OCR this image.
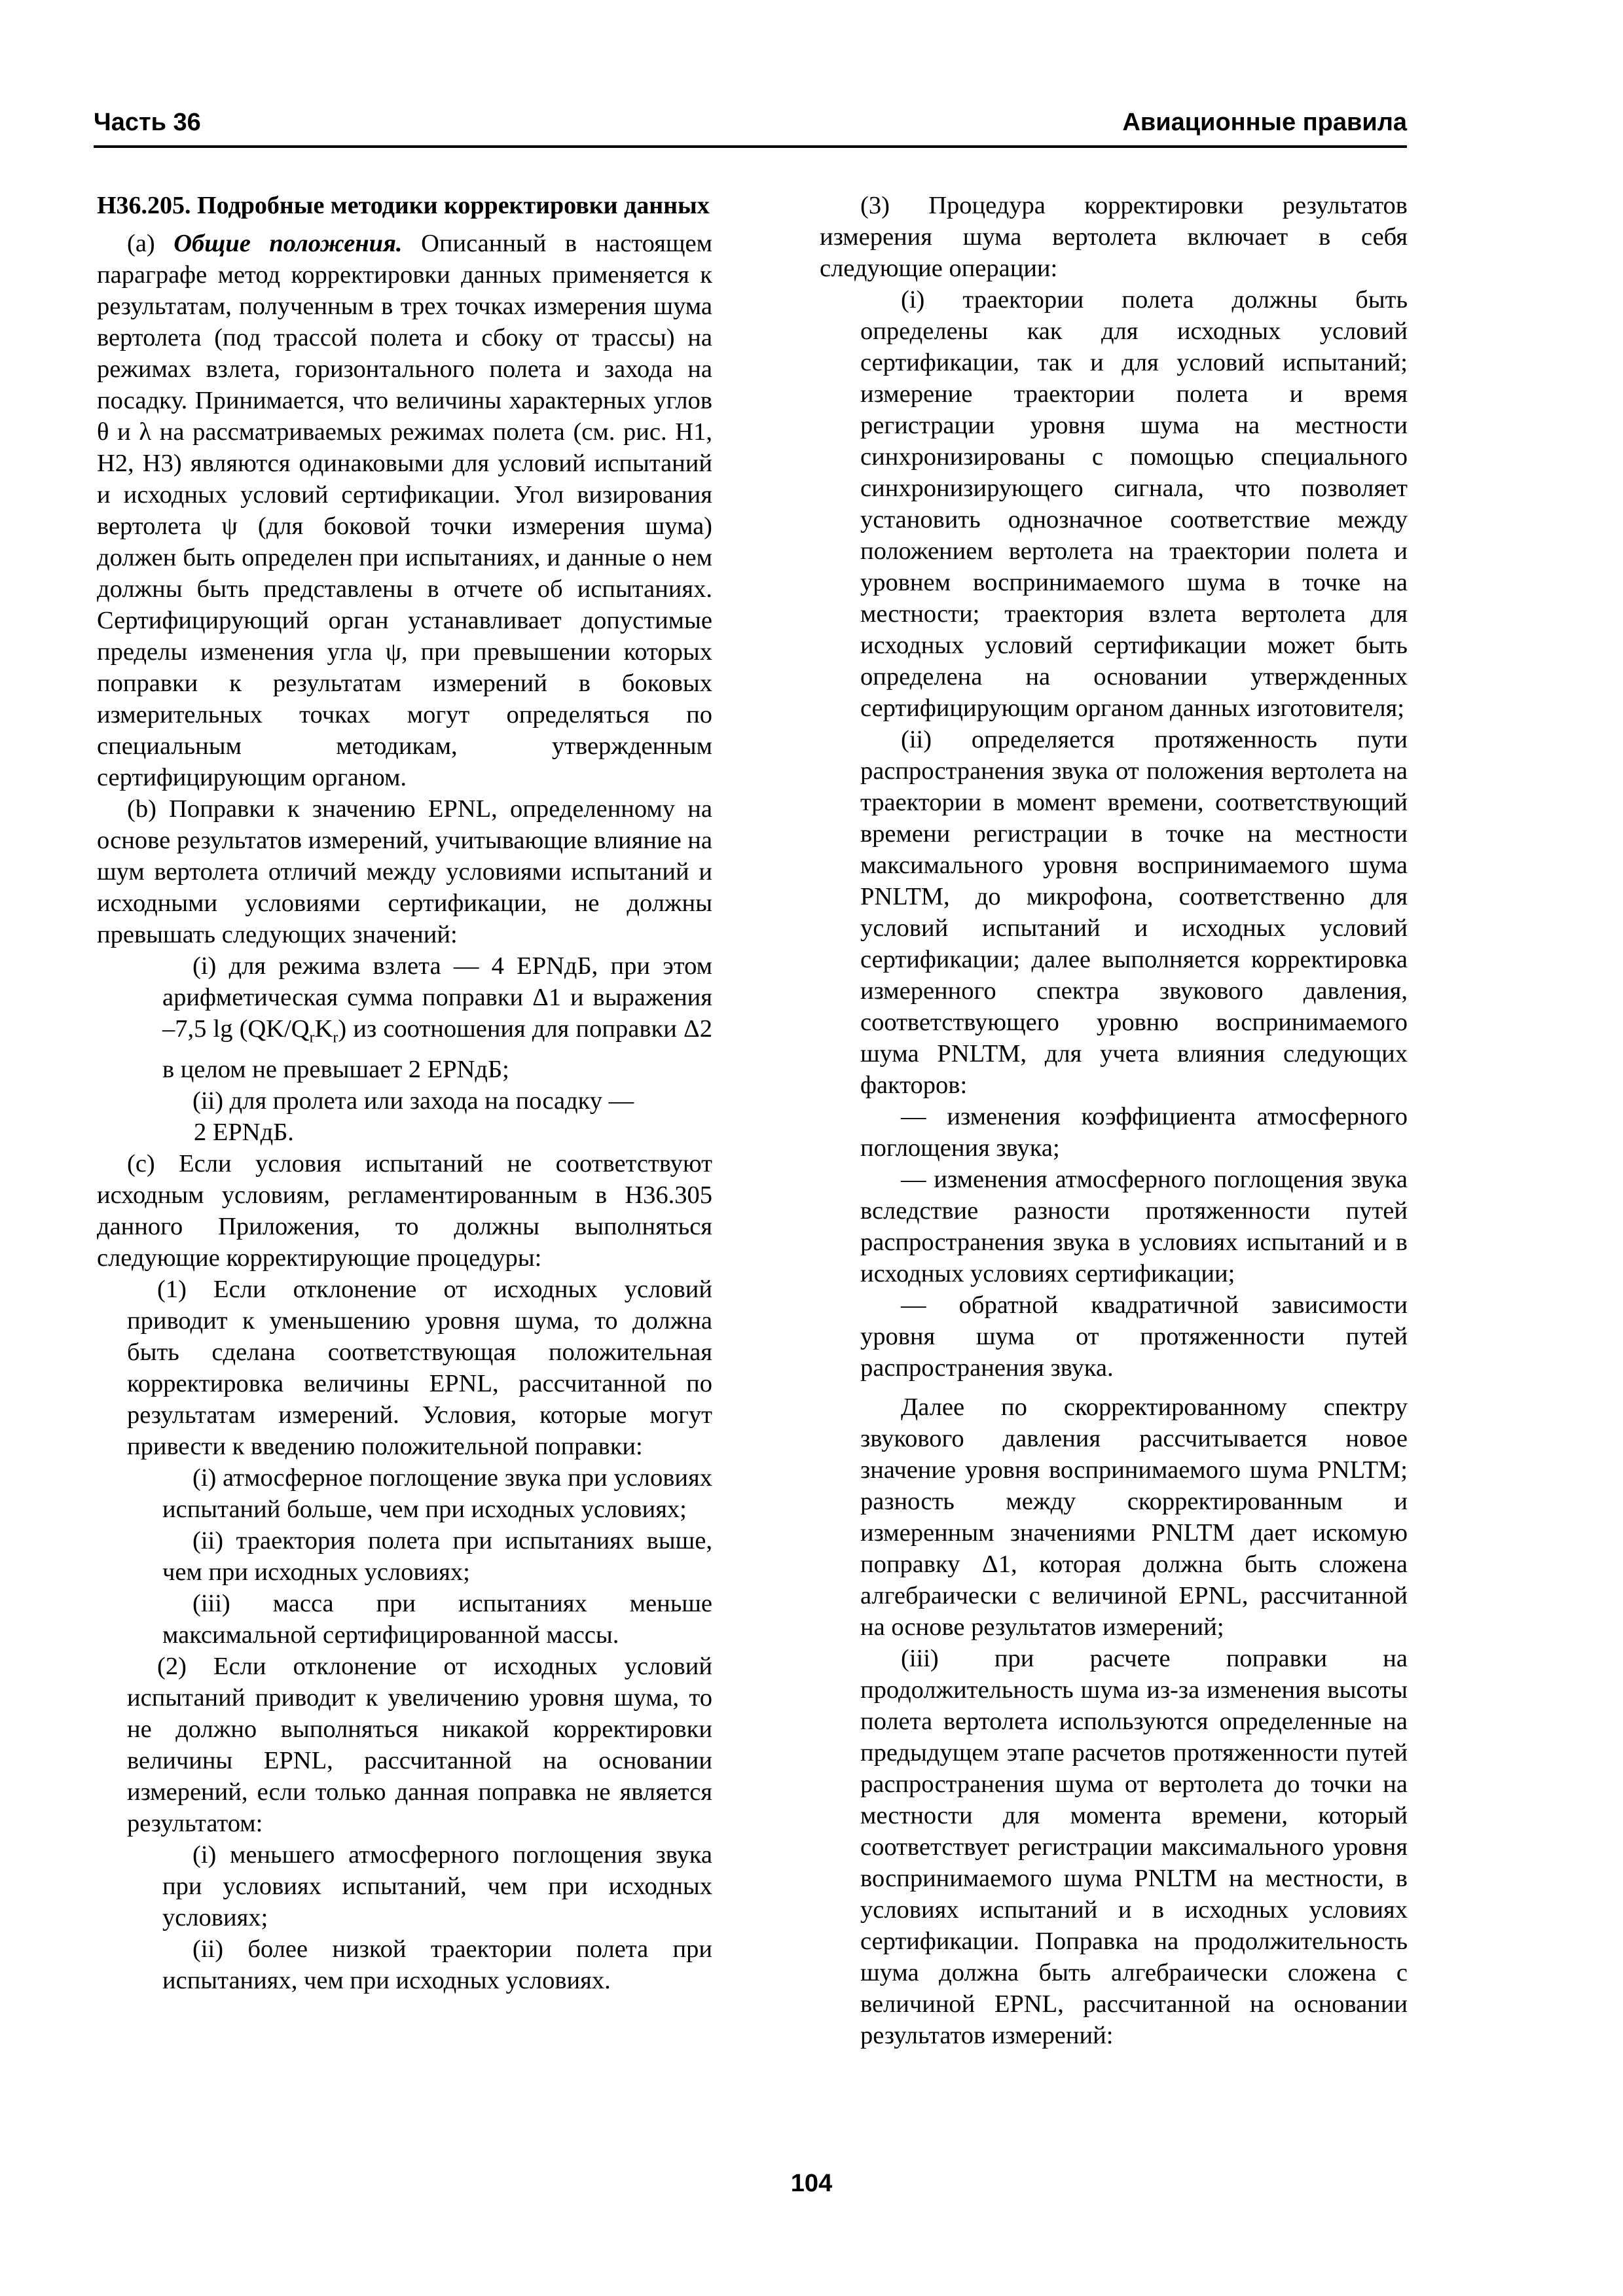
Часть 36	Авиационные правила

Н36.205. Подробные методики корректировки данных

(а) Общие положения. Описанный в настоящем параграфе метод корректировки данных применяется к результатам, полученным в трех точках измерения шума вертолета (под трассой полета и сбоку от трассы) на режимах взлета, горизонтального полета и захода на посадку. Принимается, что величины характерных углов θ и λ на рассматриваемых режимах полета (см. рис. Н1, Н2, Н3) являются одинаковыми для условий испытаний и исходных условий сертификации. Угол визирования вертолета ψ (для боковой точки измерения шума) должен быть определен при испытаниях, и данные о нем должны быть представлены в отчете об испытаниях. Сертифицирующий орган устанавливает допустимые пределы изменения угла ψ, при превышении которых поправки к результатам измерений в боковых измерительных точках могут определяться по специальным методикам, утвержденным сертифицирующим органом.

(b) Поправки к значению EPNL, определенному на основе результатов измерений, учитывающие влияние на шум вертолета отличий между условиями испытаний и исходными условиями сертификации, не должны превышать следующих значений:

(i) для режима взлета — 4 EPNдБ, при этом арифметическая сумма поправки Δ1 и выражения –7,5 $\lg (QK/Q_rK_r)$ из соотношения для поправки Δ2 в целом не превышает 2 EPNдБ;

(ii) для пролета или захода на посадку —

2 EPNдБ.

(с) Если условия испытаний не соответствуют исходным условиям, регламентированным в Н36.305 данного Приложения, то должны выполняться следующие корректирующие процедуры:

(1) Если отклонение от исходных условий приводит к уменьшению уровня шума, то должна быть сделана соответствующая положительная корректировка величины EPNL, рассчитанной по результатам измерений. Условия, которые могут привести к введению положительной поправки:

(i) атмосферное поглощение звука при условиях испытаний больше, чем при исходных условиях;

(ii) траектория полета при испытаниях выше, чем при исходных условиях;

(iii) масса при испытаниях меньше максимальной сертифицированной массы.

(2) Если отклонение от исходных условий испытаний приводит к увеличению уровня шума, то не должно выполняться никакой корректировки величины EPNL, рассчитанной на основании измерений, если только данная поправка не является результатом:

(i) меньшего атмосферного поглощения звука при условиях испытаний, чем при исходных условиях;

(ii) более низкой траектории полета при испытаниях, чем при исходных условиях.

(3) Процедура корректировки результатов измерения шума вертолета включает в себя следующие операции:

(i) траектории полета должны быть определены как для исходных условий сертификации, так и для условий испытаний; измерение траектории полета и время регистрации уровня шума на местности синхронизированы с помощью специального синхронизирующего сигнала, что позволяет установить однозначное соответствие между положением вертолета на траектории полета и уровнем воспринимаемого шума в точке на местности; траектория взлета вертолета для исходных условий сертификации может быть определена на основании утвержденных сертифицирующим органом данных изготовителя;

(ii) определяется протяженность пути распространения звука от положения вертолета на траектории в момент времени, соответствующий времени регистрации в точке на местности максимального уровня воспринимаемого шума PNLTM, до микрофона, соответственно для условий испытаний и исходных условий сертификации; далее выполняется корректировка измеренного спектра звукового давления, соответствующего уровню воспринимаемого шума PNLTM, для учета влияния следующих факторов:

— изменения коэффициента атмосферного поглощения звука;

— изменения атмосферного поглощения звука вследствие разности протяженности путей распространения звука в условиях испытаний и в исходных условиях сертификации;

— обратной квадратичной зависимости уровня шума от протяженности путей распространения звука.

Далее по скорректированному спектру звукового давления рассчитывается новое значение уровня воспринимаемого шума PNLTM; разность между скорректированным и измеренным значениями PNLTM дает искомую поправку Δ1, которая должна быть сложена алгебраически с величиной EPNL, рассчитанной на основе результатов измерений;

(iii) при расчете поправки на продолжительность шума из-за изменения высоты полета вертолета используются определенные на предыдущем этапе расчетов протяженности путей распространения шума от вертолета до точки на местности для момента времени, который соответствует регистрации максимального уровня воспринимаемого шума PNLTM на местности, в условиях испытаний и в исходных условиях сертификации. Поправка на продолжительность шума должна быть алгебраически сложена с величиной EPNL, рассчитанной на основании результатов измерений:

104
